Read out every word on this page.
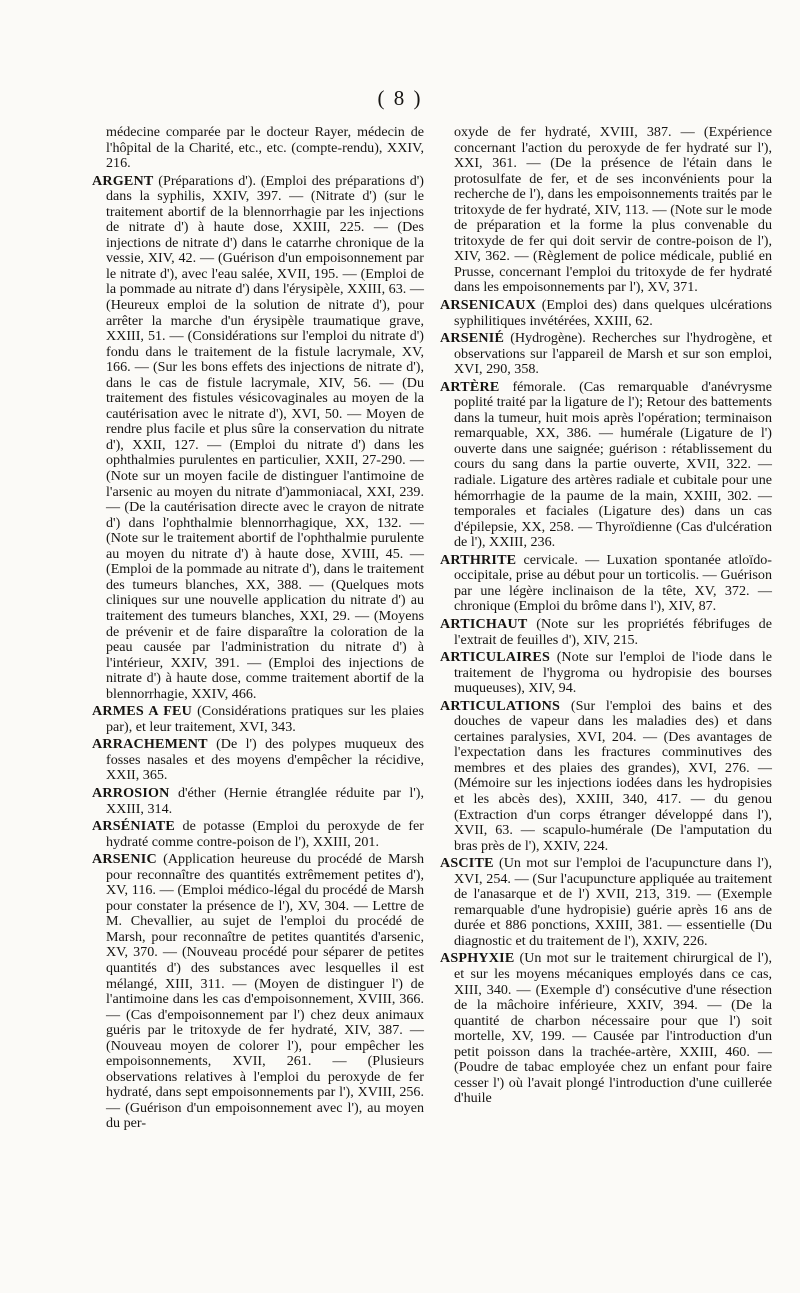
( 8 )

médecine comparée par le docteur Rayer, médecin de l'hôpital de la Charité, etc., etc. (compte-rendu), XXIV, 216.

ARGENT (Préparations d'). (Emploi des préparations d') dans la syphilis, XXIV, 397. — (Nitrate d') (sur le traitement abortif de la blennorrhagie par les injections de nitrate d') à haute dose, XXIII, 225. — (Des injections de nitrate d') dans le catarrhe chronique de la vessie, XIV, 42. — (Guérison d'un empoisonnement par le nitrate d'), avec l'eau salée, XVII, 195. — (Emploi de la pommade au nitrate d') dans l'érysipèle, XXIII, 63. — (Heureux emploi de la solution de nitrate d'), pour arrêter la marche d'un érysipèle traumatique grave, XXIII, 51. — (Considérations sur l'emploi du nitrate d') fondu dans le traitement de la fistule lacrymale, XV, 166. — (Sur les bons effets des injections de nitrate d'), dans le cas de fistule lacrymale, XIV, 56. — (Du traitement des fistules vésicovaginales au moyen de la cautérisation avec le nitrate d'), XVI, 50. — Moyen de rendre plus facile et plus sûre la conservation du nitrate d'), XXII, 127. — (Emploi du nitrate d') dans les ophthalmies purulentes en particulier, XXII, 27-290. — (Note sur un moyen facile de distinguer l'antimoine de l'arsenic au moyen du nitrate d')ammoniacal, XXI, 239. — (De la cautérisation directe avec le crayon de nitrate d') dans l'ophthalmie blennorrhagique, XX, 132. — (Note sur le traitement abortif de l'ophthalmie purulente au moyen du nitrate d') à haute dose, XVIII, 45. — (Emploi de la pommade au nitrate d'), dans le traitement des tumeurs blanches, XX, 388. — (Quelques mots cliniques sur une nouvelle application du nitrate d') au traitement des tumeurs blanches, XXI, 29. — (Moyens de prévenir et de faire disparaître la coloration de la peau causée par l'administration du nitrate d') à l'intérieur, XXIV, 391. — (Emploi des injections de nitrate d') à haute dose, comme traitement abortif de la blennorrhagie, XXIV, 466.

ARMES A FEU (Considérations pratiques sur les plaies par), et leur traitement, XVI, 343.

ARRACHEMENT (De l') des polypes muqueux des fosses nasales et des moyens d'empêcher la récidive, XXII, 365.

ARROSION d'éther (Hernie étranglée réduite par l'), XXIII, 314.

ARSÉNIATE de potasse (Emploi du peroxyde de fer hydraté comme contre-poison de l'), XXIII, 201.

ARSENIC (Application heureuse du procédé de Marsh pour reconnaître des quantités extrêmement petites d'), XV, 116. — (Emploi médico-légal du procédé de Marsh pour constater la présence de l'), XV, 304. — Lettre de M. Chevallier, au sujet de l'emploi du procédé de Marsh, pour reconnaître de petites quantités d'arsenic, XV, 370. — (Nouveau procédé pour séparer de petites quantités d') des substances avec lesquelles il est mélangé, XIII, 311. — (Moyen de distinguer l') de l'antimoine dans les cas d'empoisonnement, XVIII, 366. — (Cas d'empoisonnement par l') chez deux animaux guéris par le tritoxyde de fer hydraté, XIV, 387. — (Nouveau moyen de colorer l'), pour empêcher les empoisonnements, XVII, 261. — (Plusieurs observations relatives à l'emploi du peroxyde de fer hydraté, dans sept empoisonnements par l'), XVIII, 256. — (Guérison d'un empoisonnement avec l'), au moyen du per-

oxyde de fer hydraté, XVIII, 387. — (Expérience concernant l'action du peroxyde de fer hydraté sur l'), XXI, 361. — (De la présence de l'étain dans le protosulfate de fer, et de ses inconvénients pour la recherche de l'), dans les empoisonnements traités par le tritoxyde de fer hydraté, XIV, 113. — (Note sur le mode de préparation et la forme la plus convenable du tritoxyde de fer qui doit servir de contre-poison de l'), XIV, 362. — (Règlement de police médicale, publié en Prusse, concernant l'emploi du tritoxyde de fer hydraté dans les empoisonnements par l'), XV, 371.

ARSENICAUX (Emploi des) dans quelques ulcérations syphilitiques invétérées, XXIII, 62.

ARSENIÉ (Hydrogène). Recherches sur l'hydrogène, et observations sur l'appareil de Marsh et sur son emploi, XVI, 290, 358.

ARTÈRE fémorale. (Cas remarquable d'anévrysme poplité traité par la ligature de l'); Retour des battements dans la tumeur, huit mois après l'opération; terminaison remarquable, XX, 386. — humérale (Ligature de l') ouverte dans une saignée; guérison : rétablissement du cours du sang dans la partie ouverte, XVII, 322. — radiale. Ligature des artères radiale et cubitale pour une hémorrhagie de la paume de la main, XXIII, 302. — temporales et faciales (Ligature des) dans un cas d'épilepsie, XX, 258. — Thyroïdienne (Cas d'ulcération de l'), XXIII, 236.

ARTHRITE cervicale. — Luxation spontanée atloïdo-occipitale, prise au début pour un torticolis. — Guérison par une légère inclinaison de la tête, XV, 372. — chronique (Emploi du brôme dans l'), XIV, 87.

ARTICHAUT (Note sur les propriétés fébrifuges de l'extrait de feuilles d'), XIV, 215.

ARTICULAIRES (Note sur l'emploi de l'iode dans le traitement de l'hygroma ou hydropisie des bourses muqueuses), XIV, 94.

ARTICULATIONS (Sur l'emploi des bains et des douches de vapeur dans les maladies des) et dans certaines paralysies, XVI, 204. — (Des avantages de l'expectation dans les fractures comminutives des membres et des plaies des grandes), XVI, 276. — (Mémoire sur les injections iodées dans les hydropisies et les abcès des), XXIII, 340, 417. — du genou (Extraction d'un corps étranger développé dans l'), XVII, 63. — scapulo-humérale (De l'amputation du bras près de l'), XXIV, 224.

ASCITE (Un mot sur l'emploi de l'acupuncture dans l'), XVI, 254. — (Sur l'acupuncture appliquée au traitement de l'anasarque et de l') XVII, 213, 319. — (Exemple remarquable d'une hydropisie) guérie après 16 ans de durée et 886 ponctions, XXIII, 381. — essentielle (Du diagnostic et du traitement de l'), XXIV, 226.

ASPHYXIE (Un mot sur le traitement chirurgical de l'), et sur les moyens mécaniques employés dans ce cas, XIII, 340. — (Exemple d') consécutive d'une résection de la mâchoire inférieure, XXIV, 394. — (De la quantité de charbon nécessaire pour que l') soit mortelle, XV, 199. — Causée par l'introduction d'un petit poisson dans la trachée-artère, XXIII, 460. — (Poudre de tabac employée chez un enfant pour faire cesser l') où l'avait plongé l'introduction d'une cuillerée d'huile
